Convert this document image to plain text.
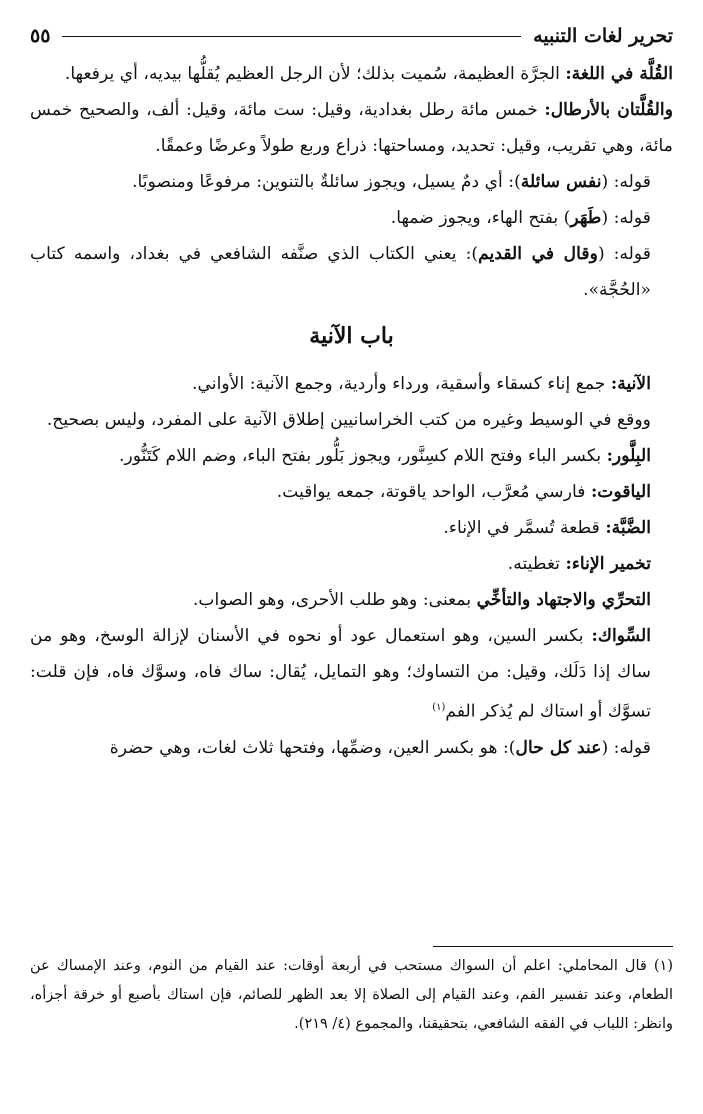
تحرير لغات التنبيه
٥٥

القُلَّة في اللغة: الجرَّة العظيمة، سُميت بذلك؛ لأن الرجل العظيم يُقلُّها بيديه، أي يرفعها.

والقُلَّتان بالأرطال: خمس مائة رطل بغدادية، وقيل: ست مائة، وقيل: ألف، والصحيح خمس مائة، وهي تقريب، وقيل: تحديد، ومساحتها: ذراع وربع طولاً وعرضًا وعمقًا.

قوله: (نفس سائلة): أي دمٌ يسيل، ويجوز سائلةٌ بالتنوين: مرفوعًا ومنصوبًا.

قوله: (طَهَر) بفتح الهاء، ويجوز ضمها.

قوله: (وقال في القديم): يعني الكتاب الذي صنَّفه الشافعي في بغداد، واسمه كتاب «الحُجَّة».

باب الآنية

الآنية: جمع إناء كسقاء وأسقية، ورداء وأردية، وجمع الآنية: الأواني.

ووقع في الوسيط وغيره من كتب الخراسانيين إطلاق الآنية على المفرد، وليس بصحيح.

البِلَّور: بكسر الباء وفتح اللام كسِنَّور، ويجوز بَلُّور بفتح الباء، وضم اللام كَتَنُّور.

الياقوت: فارسي مُعرَّب، الواحد ياقوتة، جمعه يواقيت.

الضَّبَّة: قطعة تُسمَّر في الإناء.

تخمير الإناء: تغطيته.

التحرِّي والاجتهاد والتأخِّي بمعنى: وهو طلب الأحرى، وهو الصواب.

السِّواك: بكسر السين، وهو استعمال عود أو نحوه في الأسنان لإزالة الوسخ، وهو من ساك إذا دَلَك، وقيل: من التساوك؛ وهو التمايل، يُقال: ساك فاه، وسوَّك فاه، فإن قلت: تسوَّك أو استاك لم يُذكر الفم$^{(١)}$

قوله: (عند كل حال): هو بكسر العين، وضمِّها، وفتحها ثلاث لغات، وهي حضرة

(١) قال المحاملي: اعلم أن السواك مستحب في أربعة أوقات: عند القيام من النوم، وعند الإمساك عن الطعام، وعند تفسير الفم، وعند القيام إلى الصلاة إلا بعد الظهر للصائم، فإن استاك بأصبع أو خرقة أجزأه، وانظر: اللباب في الفقه الشافعي، بتحقيقنا، والمجموع (٤/ ٢١٩).
